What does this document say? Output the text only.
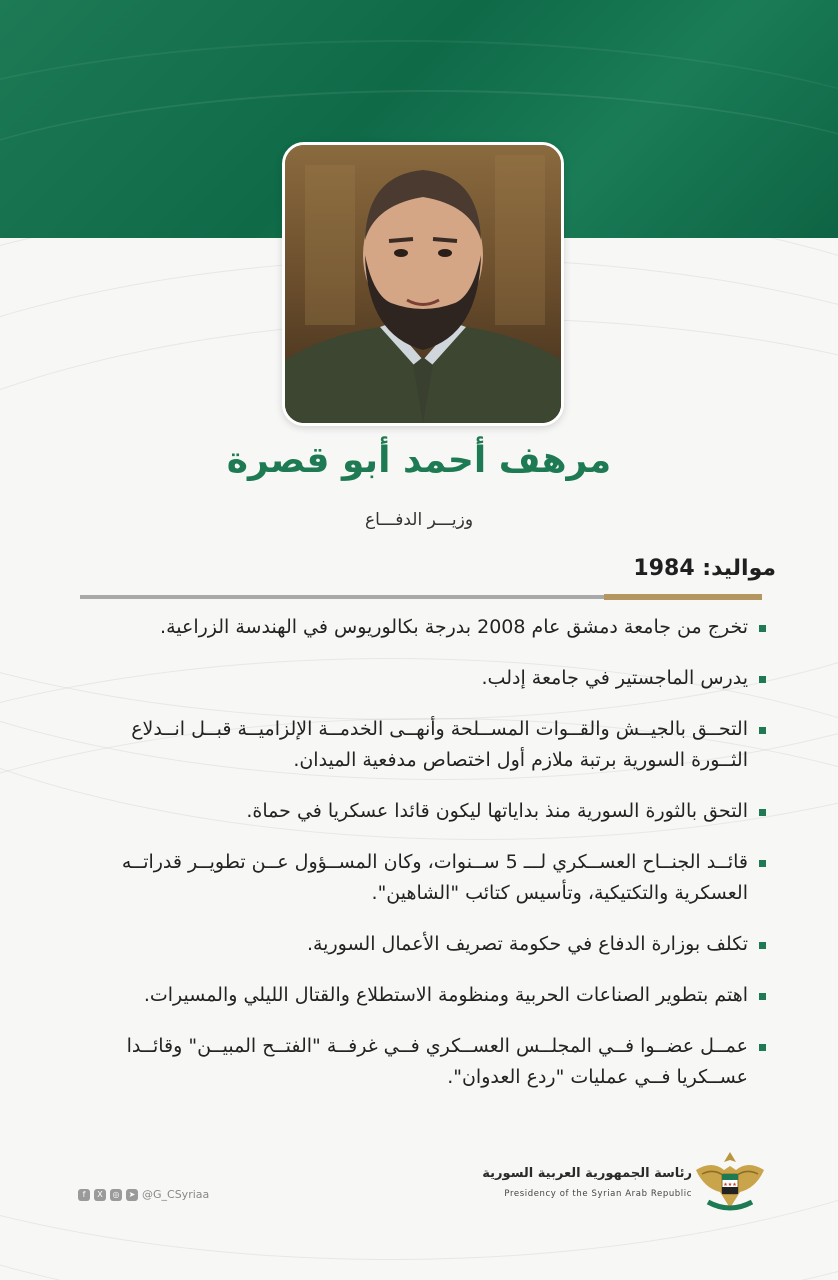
مرهف أحمد أبو قصرة
وزيـــر الدفـــاع
مواليد: 1984
تخرج من جامعة دمشق عام 2008 بدرجة بكالوريوس في الهندسة الزراعية.
يدرس الماجستير في جامعة إدلب.
التحــق بالجيــش والقــوات المســلحة وأنهــى الخدمــة الإلزاميــة قبــل انــدلاع الثــورة السورية برتبة ملازم أول اختصاص مدفعية الميدان.
التحق بالثورة السورية منذ بداياتها ليكون قائدا عسكريا في حماة.
قائــد الجنــاح العســكري لـــ 5 ســنوات، وكان المســؤول عــن تطويــر قدراتــه العسكرية والتكتيكية، وتأسيس كتائب "الشاهين".
تكلف بوزارة الدفاع في حكومة تصريف الأعمال السورية.
اهتم بتطوير الصناعات الحربية ومنظومة الاستطلاع والقتال الليلي والمسيرات.
عمــل عضــوا فــي المجلــس العســكري فــي غرفــة "الفتــح المبيــن" وقائــدا عســكريا فــي عمليات "ردع العدوان".
f	X	◎	➤ @G_CSyriaa
رئاسة الجمهورية العربية السورية
Presidency of the Syrian Arab Republic
★★★
